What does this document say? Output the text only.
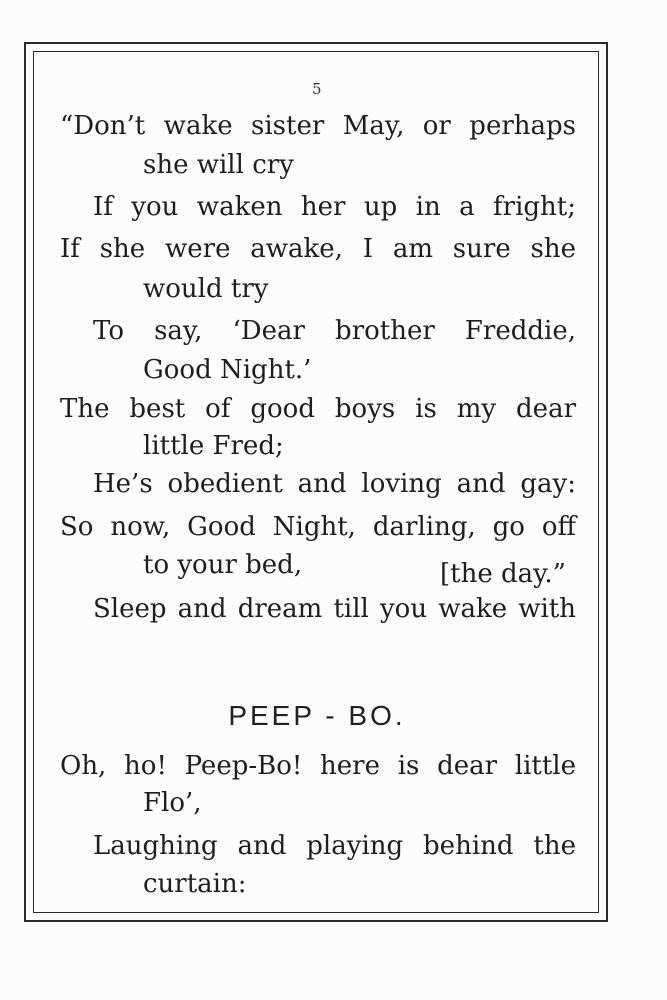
5
“Don’t wake sister May, or perhaps
she will cry
If you waken her up in a fright;
If she were awake, I am sure she
would try
To say, ‘Dear brother Freddie,
Good Night.’
The best of good boys is my dear
little Fred;
He’s obedient and loving and gay:
So now, Good Night, darling, go off
to your bed,	[the day.”
Sleep and dream till you wake with
PEEP - BO.
Oh, ho! Peep-Bo! here is dear little
Flo’,
Laughing and playing behind the
curtain:
